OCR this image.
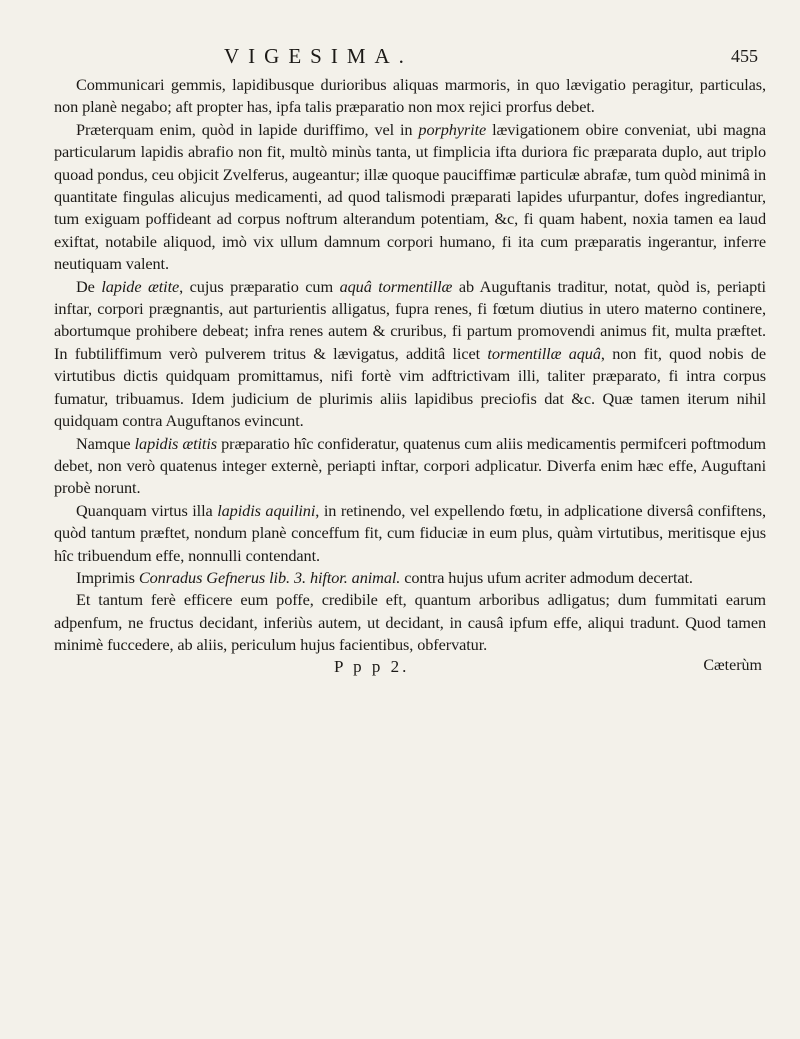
VIGESIMA.	455

Communicari gemmis, lapidibusque durioribus aliquas marmoris, in quo lævigatio peragitur, particulas, non planè negabo; aft propter has, ipfa talis præparatio non mox rejici prorfus debet.

Præterquam enim, quòd in lapide duriffimo, vel in porphyrite lævigationem obire conveniat, ubi magna particularum lapidis abrafio non fit, multò minùs tanta, ut fimplicia ifta duriora fic præparata duplo, aut triplo quoad pondus, ceu objicit Zvelferus, augeantur; illæ quoque pauciffimæ particulæ abrafæ, tum quòd minimâ in quantitate fingulas alicujus medicamenti, ad quod talismodi præparati lapides ufurpantur, dofes ingrediantur, tum exiguam poffideant ad corpus noftrum alterandum potentiam, &c, fi quam habent, noxia tamen ea laud exiftat, notabile aliquod, imò vix ullum damnum corpori humano, fi ita cum præparatis ingerantur, inferre neutiquam valent.

De lapide ætite, cujus præparatio cum aquâ tormentillæ ab Auguftanis traditur, notat, quòd is, periapti inftar, corpori prægnantis, aut parturientis alligatus, fupra renes, fi fœtum diutius in utero materno continere, abortumque prohibere debeat; infra renes autem & cruribus, fi partum promovendi animus fit, multa præftet. In fubtiliffimum verò pulverem tritus & lævigatus, additâ licet tormentillæ aquâ, non fit, quod nobis de virtutibus dictis quidquam promittamus, nifi fortè vim adftrictivam illi, taliter præparato, fi intra corpus fumatur, tribuamus. Idem judicium de plurimis aliis lapidibus preciofis dat &c. Quæ tamen iterum nihil quidquam contra Auguftanos evincunt.

Namque lapidis ætitis præparatio hîc confideratur, quatenus cum aliis medicamentis permifceri poftmodum debet, non verò quatenus integer externè, periapti inftar, corpori adplicatur. Diverfa enim hæc effe, Auguftani probè norunt.

Quanquam virtus illa lapidis aquilini, in retinendo, vel expellendo fœtu, in adplicatione diversâ confiftens, quòd tantum præftet, nondum planè conceffum fit, cum fiduciæ in eum plus, quàm virtutibus, meritisque ejus hîc tribuendum effe, nonnulli contendant.

Imprimis Conradus Gefnerus lib. 3. hiftor. animal. contra hujus ufum acriter admodum decertat.

Et tantum ferè efficere eum poffe, credibile eft, quantum arboribus adligatus; dum fummitati earum adpenfum, ne fructus decidant, inferiùs autem, ut decidant, in causâ ipfum effe, aliqui tradunt. Quod tamen minimè fuccedere, ab aliis, periculum hujus facientibus, obfervatur.

P p p 2.	Cæterùm
